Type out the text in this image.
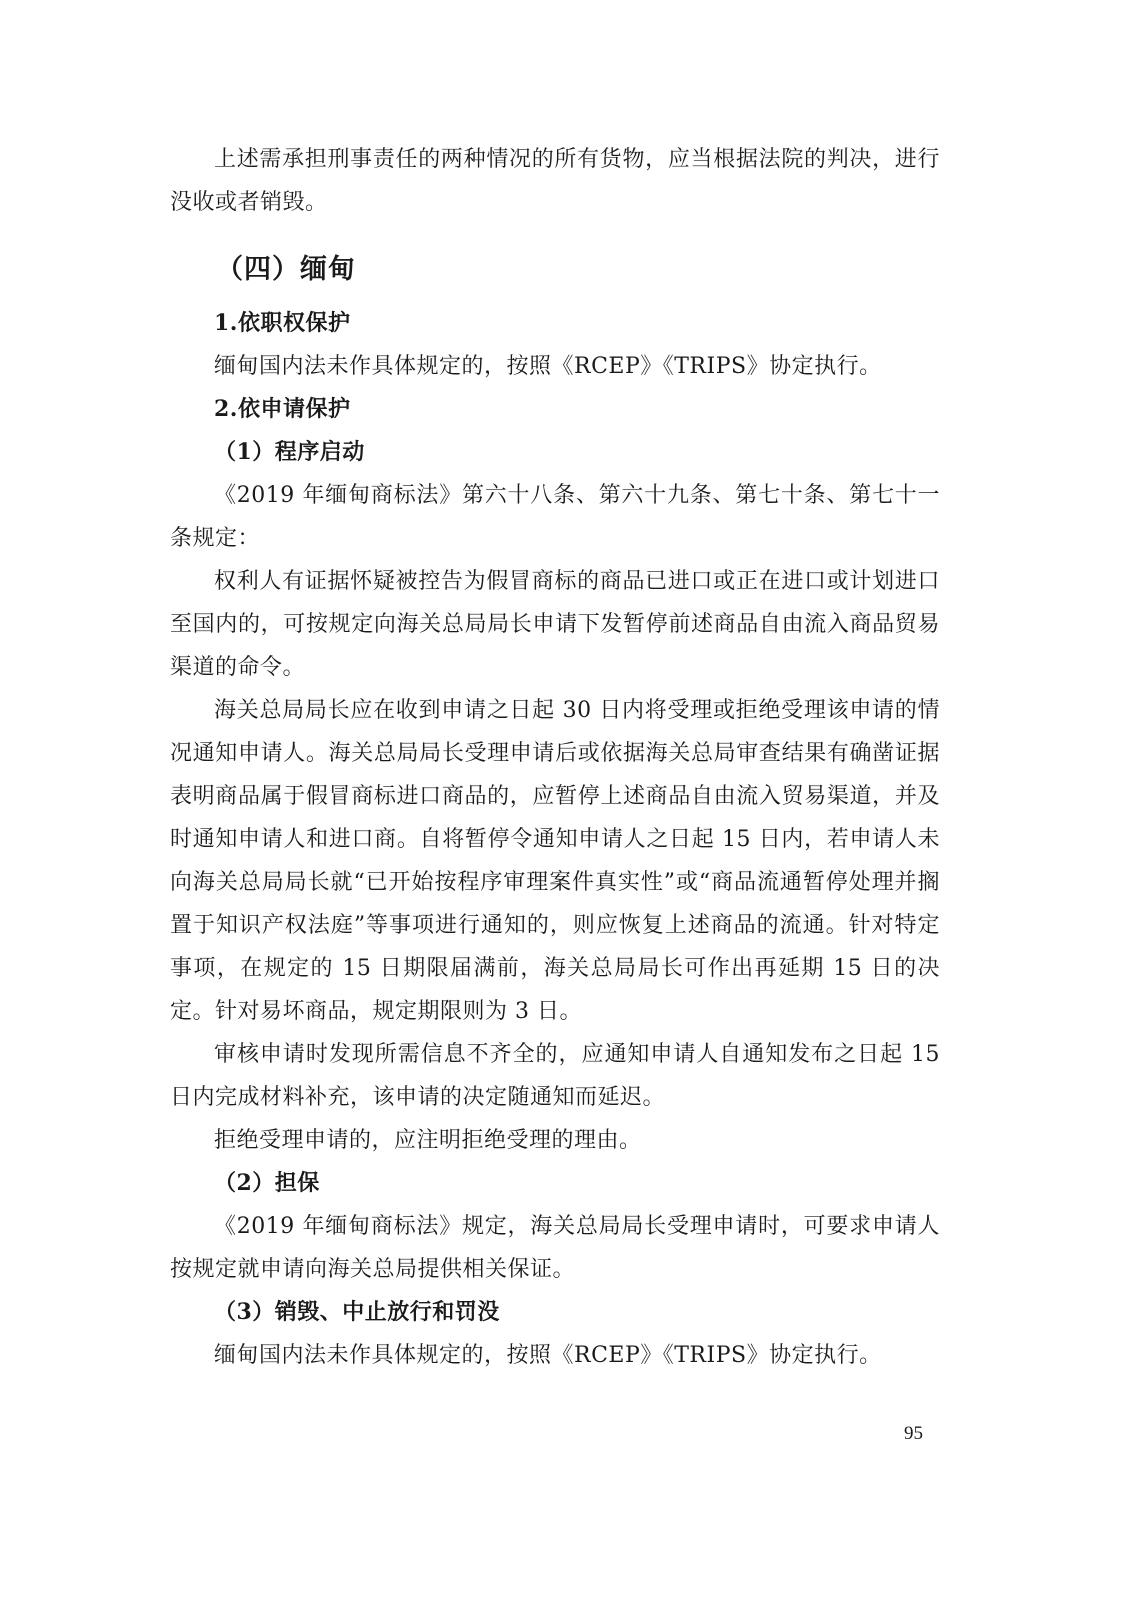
上述需承担刑事责任的两种情况的所有货物，应当根据法院的判决，进行没收或者销毁。

（四）缅甸
1.依职权保护

缅甸国内法未作具体规定的，按照《RCEP》《TRIPS》协定执行。

2.依申请保护
（1）程序启动

《2019 年缅甸商标法》第六十八条、第六十九条、第七十条、第七十一条规定：

权利人有证据怀疑被控告为假冒商标的商品已进口或正在进口或计划进口至国内的，可按规定向海关总局局长申请下发暂停前述商品自由流入商品贸易渠道的命令。

海关总局局长应在收到申请之日起 30 日内将受理或拒绝受理该申请的情况通知申请人。海关总局局长受理申请后或依据海关总局审查结果有确凿证据表明商品属于假冒商标进口商品的，应暂停上述商品自由流入贸易渠道，并及时通知申请人和进口商。自将暂停令通知申请人之日起 15 日内，若申请人未向海关总局局长就“已开始按程序审理案件真实性”或“商品流通暂停处理并搁置于知识产权法庭”等事项进行通知的，则应恢复上述商品的流通。针对特定事项，在规定的 15 日期限届满前，海关总局局长可作出再延期 15 日的决定。针对易坏商品，规定期限则为 3 日。

审核申请时发现所需信息不齐全的，应通知申请人自通知发布之日起 15 日内完成材料补充，该申请的决定随通知而延迟。

拒绝受理申请的，应注明拒绝受理的理由。

（2）担保

《2019 年缅甸商标法》规定，海关总局局长受理申请时，可要求申请人按规定就申请向海关总局提供相关保证。

（3）销毁、中止放行和罚没

缅甸国内法未作具体规定的，按照《RCEP》《TRIPS》协定执行。

95
